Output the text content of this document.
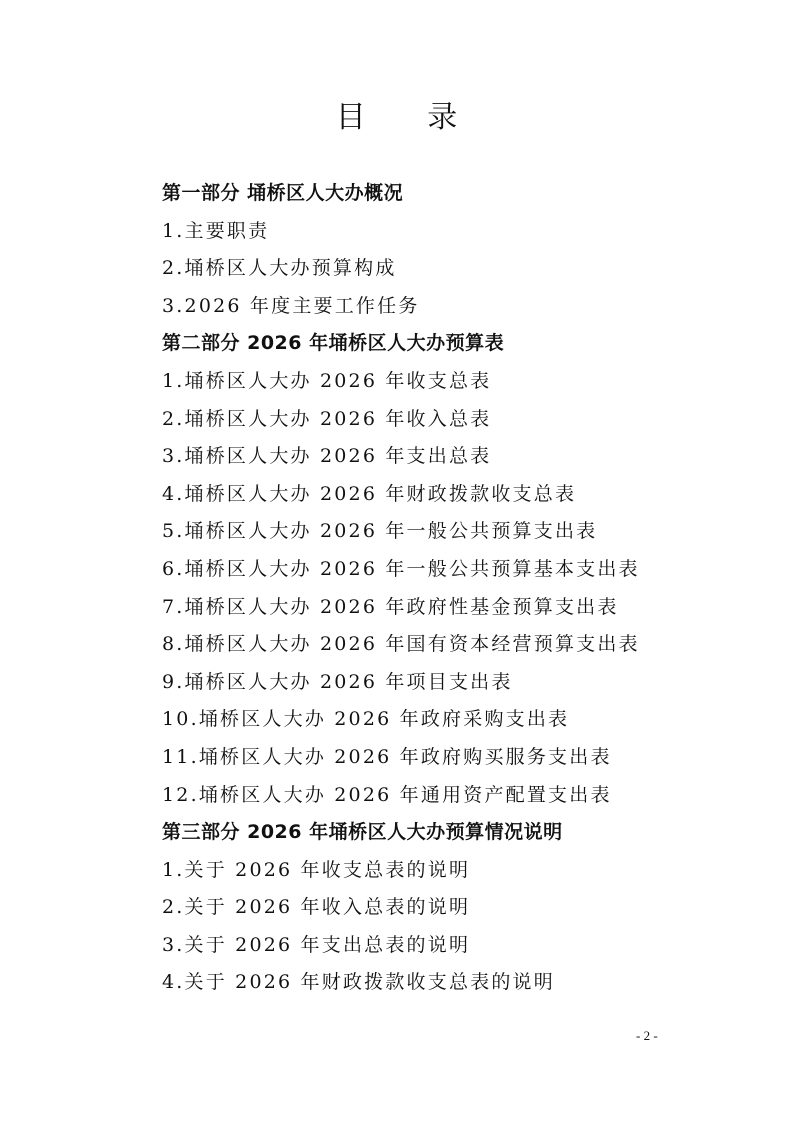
目 录
第一部分 埇桥区人大办概况
1.主要职责
2.埇桥区人大办预算构成
3.2026 年度主要工作任务
第二部分 2026 年埇桥区人大办预算表
1.埇桥区人大办 2026 年收支总表
2.埇桥区人大办 2026 年收入总表
3.埇桥区人大办 2026 年支出总表
4.埇桥区人大办 2026 年财政拨款收支总表
5.埇桥区人大办 2026 年一般公共预算支出表
6.埇桥区人大办 2026 年一般公共预算基本支出表
7.埇桥区人大办 2026 年政府性基金预算支出表
8.埇桥区人大办 2026 年国有资本经营预算支出表
9.埇桥区人大办 2026 年项目支出表
10.埇桥区人大办 2026 年政府采购支出表
11.埇桥区人大办 2026 年政府购买服务支出表
12.埇桥区人大办 2026 年通用资产配置支出表
第三部分 2026 年埇桥区人大办预算情况说明
1.关于 2026 年收支总表的说明
2.关于 2026 年收入总表的说明
3.关于 2026 年支出总表的说明
4.关于 2026 年财政拨款收支总表的说明
- 2 -
